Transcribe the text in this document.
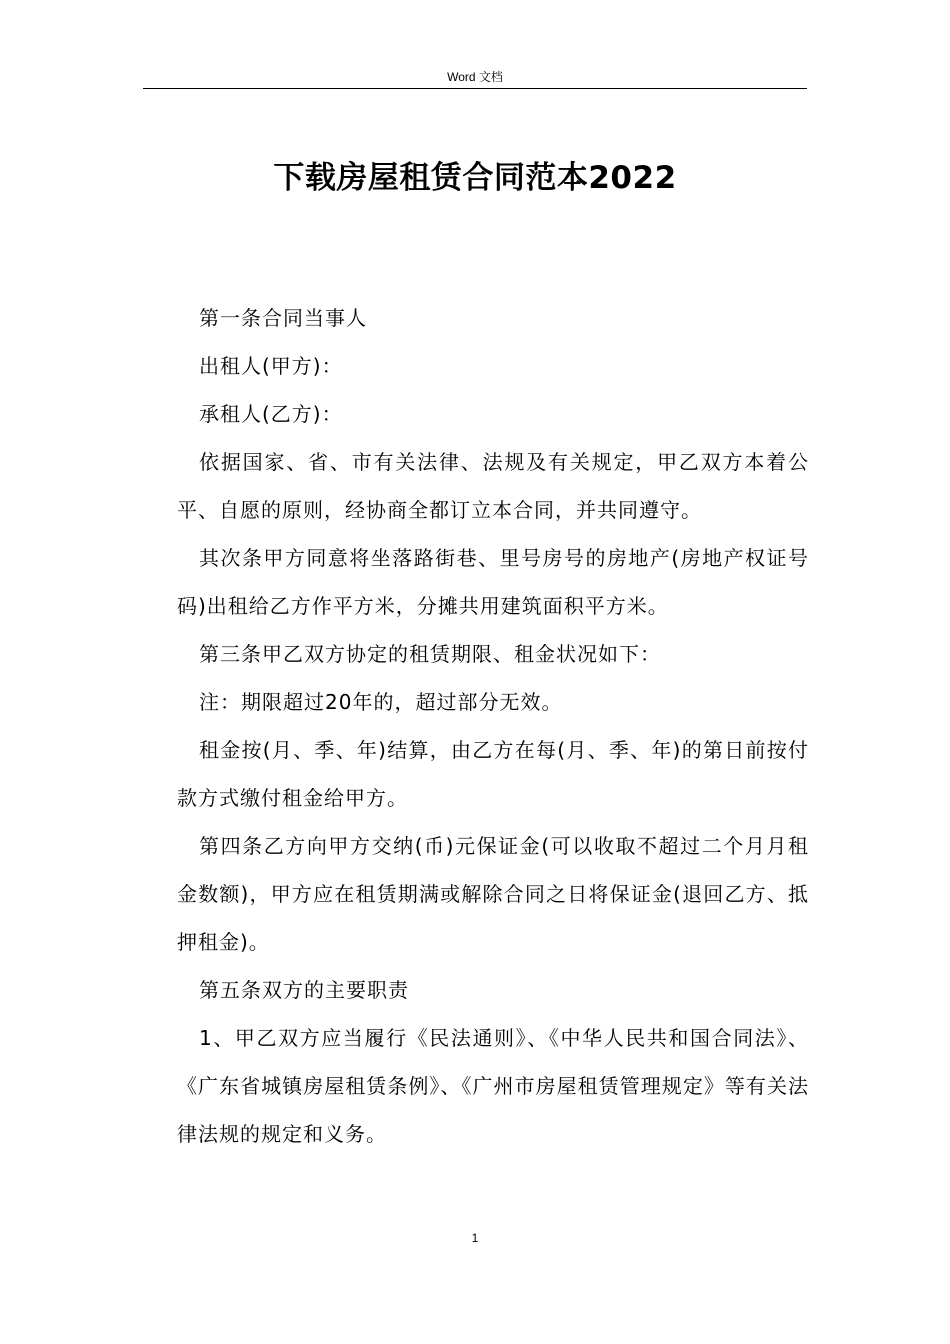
Word 文档
下载房屋租赁合同范本2022

第一条合同当事人

出租人(甲方)：

承租人(乙方)：

依据国家、省、市有关法律、法规及有关规定，甲乙双方本着公平、自愿的原则，经协商全都订立本合同，并共同遵守。

其次条甲方同意将坐落路街巷、里号房号的房地产(房地产权证号码)出租给乙方作平方米，分摊共用建筑面积平方米。

第三条甲乙双方协定的租赁期限、租金状况如下：

注：期限超过20年的，超过部分无效。

租金按(月、季、年)结算，由乙方在每(月、季、年)的第日前按付款方式缴付租金给甲方。

第四条乙方向甲方交纳(币)元保证金(可以收取不超过二个月月租金数额)，甲方应在租赁期满或解除合同之日将保证金(退回乙方、抵押租金)。

第五条双方的主要职责

1、甲乙双方应当履行《民法通则》、《中华人民共和国合同法》、《广东省城镇房屋租赁条例》、《广州市房屋租赁管理规定》等有关法律法规的规定和义务。

1
